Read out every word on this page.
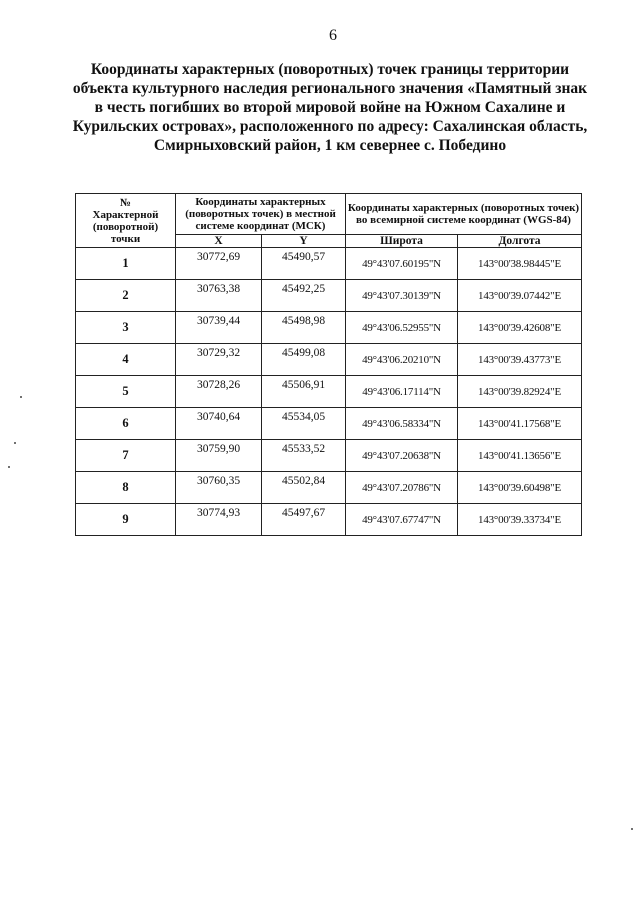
6
Координаты характерных (поворотных) точек границы территории
объекта культурного наследия регионального значения «Памятный знак
в честь погибших во второй мировой войне на Южном Сахалине и
Курильских островах», расположенного по адресу: Сахалинская область,
Смирныховский район, 1 км севернее с. Победино
№
Характерной
(поворотной)
точки	Координаты характерных (поворотных точек) в местной системе координат (МСК)		Координаты характерных (поворотных точек) во всемирной системе координат (WGS-84)	
	X	Y	Широта	Долгота
1	30772,69	45490,57	49°43'07.60195"N	143°00'38.98445"E
2	30763,38	45492,25	49°43'07.30139"N	143°00'39.07442"E
3	30739,44	45498,98	49°43'06.52955"N	143°00'39.42608"E
4	30729,32	45499,08	49°43'06.20210"N	143°00'39.43773"E
5	30728,26	45506,91	49°43'06.17114"N	143°00'39.82924"E
6	30740,64	45534,05	49°43'06.58334"N	143°00'41.17568"E
7	30759,90	45533,52	49°43'07.20638"N	143°00'41.13656"E
8	30760,35	45502,84	49°43'07.20786"N	143°00'39.60498"E
9	30774,93	45497,67	49°43'07.67747"N	143°00'39.33734"E
